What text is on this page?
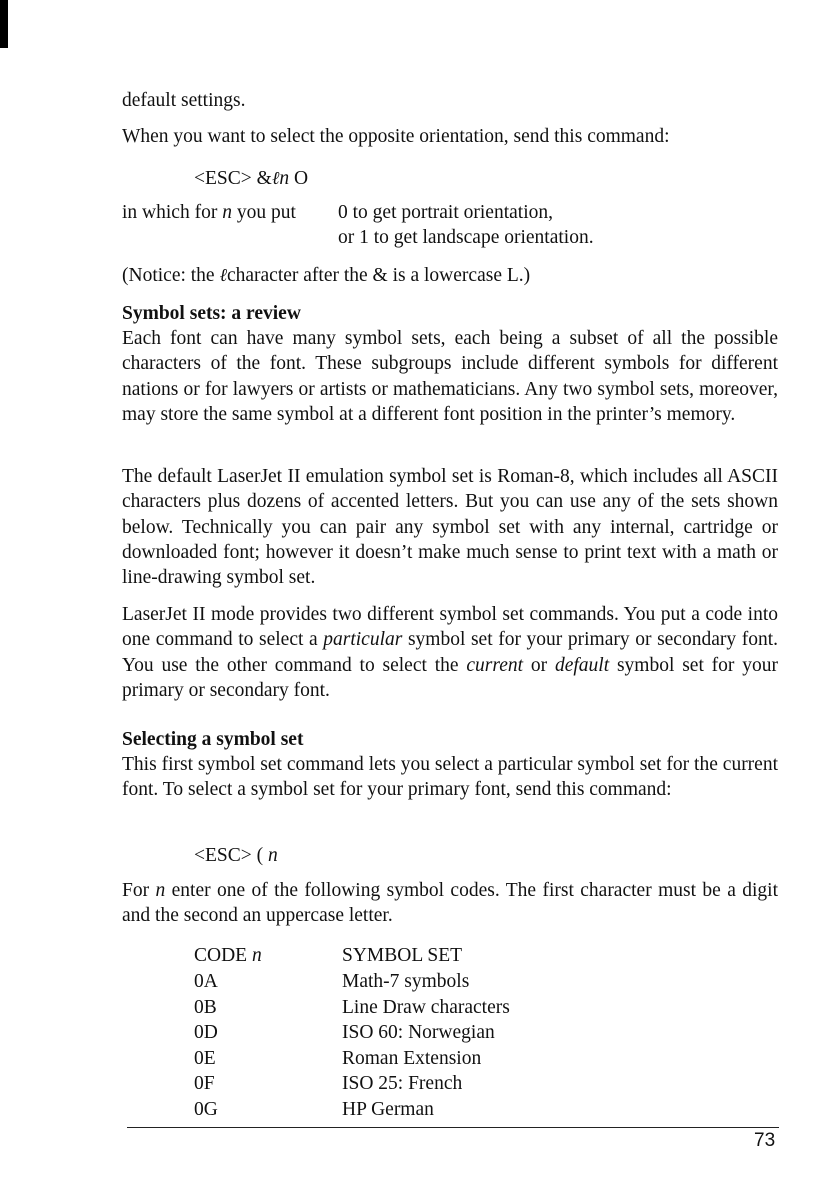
default settings.

When you want to select the opposite orientation, send this command:

<ESC> &ℓn O
in which for n you put 0 to get portrait orientation,
or 1 to get landscape orientation.
(Notice: the ℓcharacter after the & is a lowercase L.)
Symbol sets: a review

Each font can have many symbol sets, each being a subset of all the possible characters of the font. These subgroups include different symbols for different nations or for lawyers or artists or mathematicians. Any two symbol sets, moreover, may store the same symbol at a different font position in the printer’s memory.

The default LaserJet II emulation symbol set is Roman-8, which includes all ASCII characters plus dozens of accented letters. But you can use any of the sets shown below. Technically you can pair any symbol set with any internal, cartridge or downloaded font; however it doesn’t make much sense to print text with a math or line-drawing symbol set.

LaserJet II mode provides two different symbol set commands. You put a code into one command to select a particular symbol set for your primary or secondary font. You use the other command to select the current or default symbol set for your primary or secondary font.

Selecting a symbol set

This first symbol set command lets you select a particular symbol set for the current font. To select a symbol set for your primary font, send this command:

<ESC> ( n

For n enter one of the following symbol codes. The first character must be a digit and the second an uppercase letter.

CODE n	SYMBOL SET
0A	Math-7 symbols
0B	Line Draw characters
0D	ISO 60: Norwegian
0E	Roman Extension
0F	ISO 25: French
0G	HP German
73
